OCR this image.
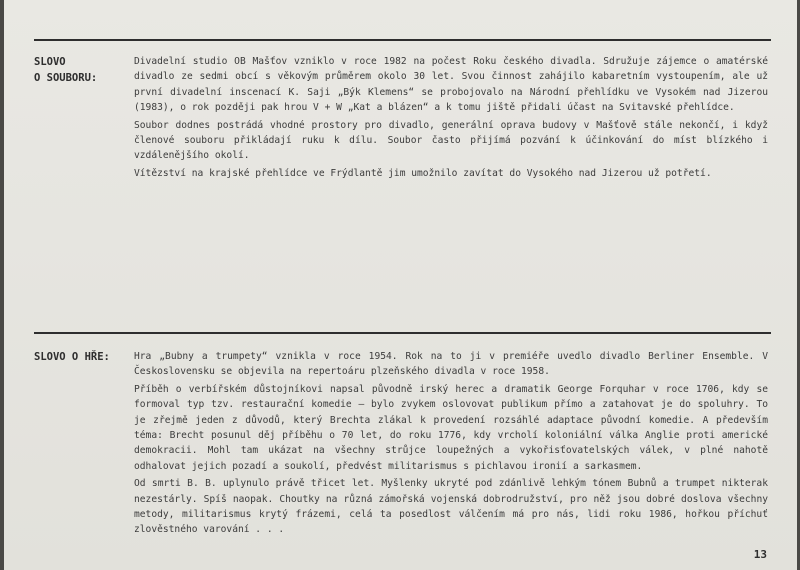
SLOVO
O SOUBORU:

Divadelní studio OB Mašťov vzniklo v roce 1982 na počest Roku českého divadla. Sdružuje zájemce o amatérské divadlo ze sedmi obcí s věkovým průměrem okolo 30 let. Svou činnost zahájilo kabaretním vystoupením, ale už první divadelní inscenací K. Saji „Býk Klemens“ se probojovalo na Národní přehlídku ve Vysokém nad Jizerou (1983), o rok později pak hrou V + W „Kat a blázen“ a k tomu jiště přidali účast na Svitavské přehlídce.

Soubor dodnes postrádá vhodné prostory pro divadlo, generální oprava budovy v Mašťově stále nekončí, i když členové souboru přikládají ruku k dílu. Soubor často přijímá pozvání k účinkování do míst blízkého i vzdálenějšího okolí.

Vítězství na krajské přehlídce ve Frýdlantě jim umožnilo zavítat do Vysokého nad Jizerou už potřetí.

SLOVO O HŘE:	Hra „Bubny a trumpety“ vznikla v roce 1954. Rok na to ji v premiéře uvedlo divadlo Berliner Ensemble. V Československu se objevila na repertoáru plzeňského divadla v roce 1958.

Příběh o verbířském důstojníkovi napsal původně irský herec a dramatik George Forquhar v roce 1706, kdy se formoval typ tzv. restaurační komedie — bylo zvykem oslovovat publikum přímo a zatahovat je do spoluhry. To je zřejmě jeden z důvodů, který Brechta zlákal k provedení rozsáhlé adaptace původní komedie. A především téma: Brecht posunul děj příběhu o 70 let, do roku 1776, kdy vrcholí koloniální válka Anglie proti americké demokracii. Mohl tam ukázat na všechny strůjce loupežných a vykořisťovatelských válek, v plné nahotě odhalovat jejich pozadí a soukolí, předvést militarismus s pichlavou ironií a sarkasmem.

Od smrti B. B. uplynulo právě třicet let. Myšlenky ukryté pod zdánlivě lehkým tónem Bubnů a trumpet nikterak nezestárly. Spíš naopak. Choutky na různá zámořská vojenská dobrodružství, pro něž jsou dobré doslova všechny metody, militarismus krytý frázemi, celá ta posedlost válčením má pro nás, lidi roku 1986, hořkou příchuť zlověstného varování . . .

13
